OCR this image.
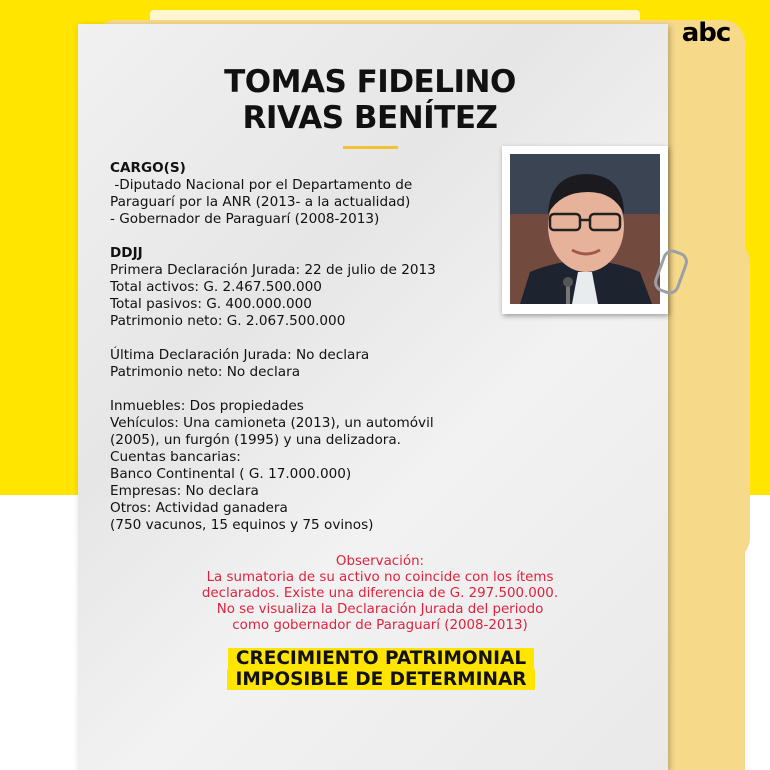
abc
TOMAS FIDELINO
RIVAS BENÍTEZ
CARGO(S)
-Diputado Nacional por el Departamento de
Paraguarí por la ANR (2013- a la actualidad)
- Gobernador de Paraguarí (2008-2013)
DDJJ
Primera Declaración Jurada: 22 de julio de 2013
Total activos: G. 2.467.500.000
Total pasivos: G. 400.000.000
Patrimonio neto: G. 2.067.500.000
Última Declaración Jurada: No declara
Patrimonio neto: No declara
Inmuebles: Dos propiedades
Vehículos: Una camioneta (2013), un automóvil
(2005), un furgón (1995) y una delizadora.
Cuentas bancarias:
Banco Continental ( G. 17.000.000)
Empresas: No declara
Otros: Actividad ganadera
(750 vacunos, 15 equinos y 75 ovinos)
Observación:
La sumatoria de su activo no coincide con los ítems
declarados. Existe una diferencia de G. 297.500.000.
No se visualiza la Declaración Jurada del periodo
como gobernador de Paraguarí (2008-2013)
CRECIMIENTO PATRIMONIAL
IMPOSIBLE DE DETERMINAR
